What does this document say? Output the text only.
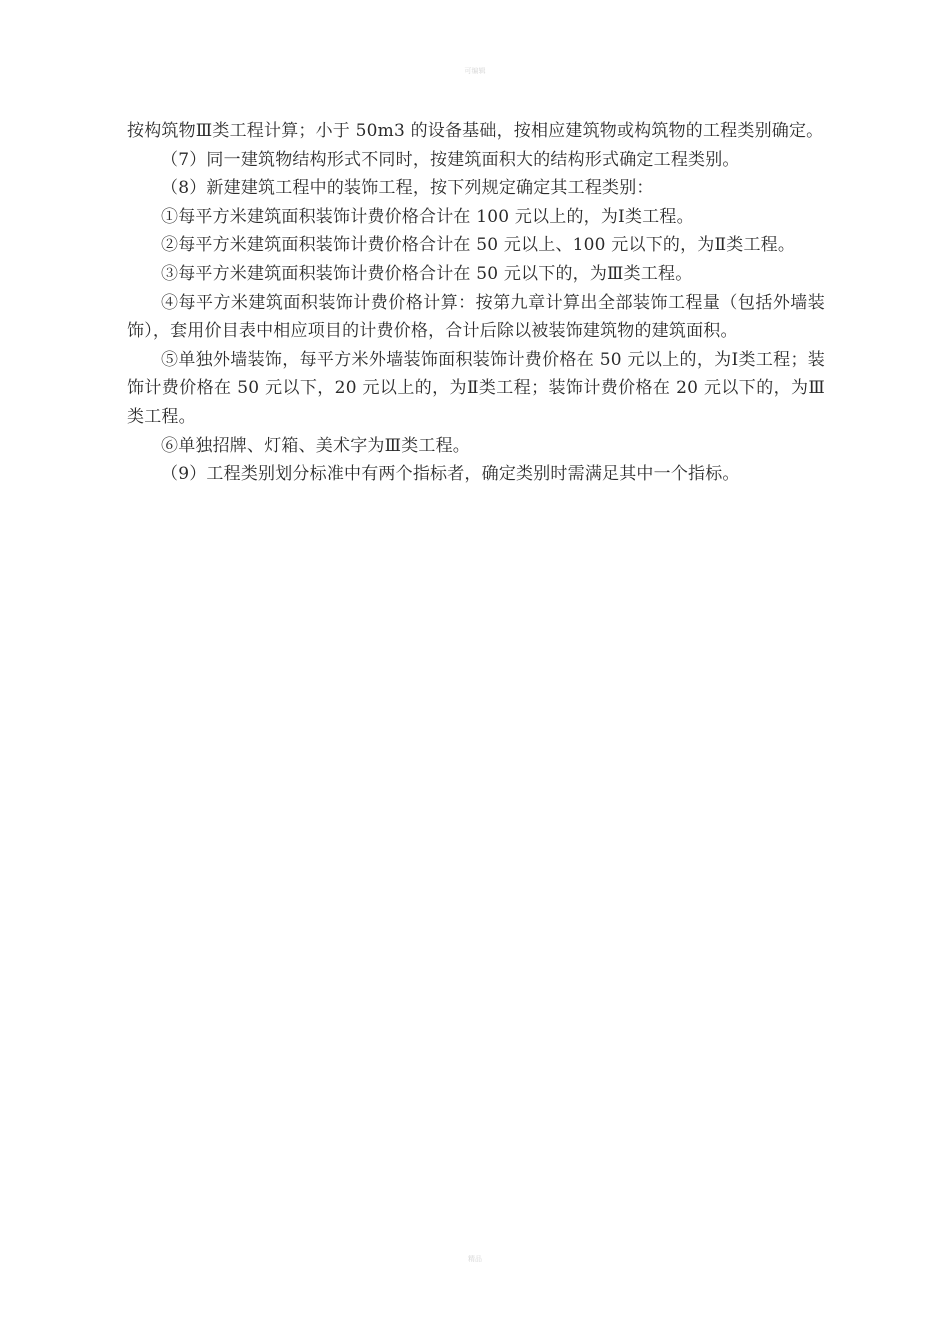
可编辑

按构筑物Ⅲ类工程计算；小于 50m3 的设备基础，按相应建筑物或构筑物的工程类别确定。

（7）同一建筑物结构形式不同时，按建筑面积大的结构形式确定工程类别。

（8）新建建筑工程中的装饰工程，按下列规定确定其工程类别：

①每平方米建筑面积装饰计费价格合计在 100 元以上的，为Ⅰ类工程。

②每平方米建筑面积装饰计费价格合计在 50 元以上、100 元以下的，为Ⅱ类工程。

③每平方米建筑面积装饰计费价格合计在 50 元以下的，为Ⅲ类工程。

④每平方米建筑面积装饰计费价格计算：按第九章计算出全部装饰工程量（包括外墙装饰），套用价目表中相应项目的计费价格，合计后除以被装饰建筑物的建筑面积。

⑤单独外墙装饰，每平方米外墙装饰面积装饰计费价格在 50 元以上的，为Ⅰ类工程；装饰计费价格在 50 元以下，20 元以上的，为Ⅱ类工程；装饰计费价格在 20 元以下的，为Ⅲ类工程。

⑥单独招牌、灯箱、美术字为Ⅲ类工程。

（9）工程类别划分标准中有两个指标者，确定类别时需满足其中一个指标。

精品
